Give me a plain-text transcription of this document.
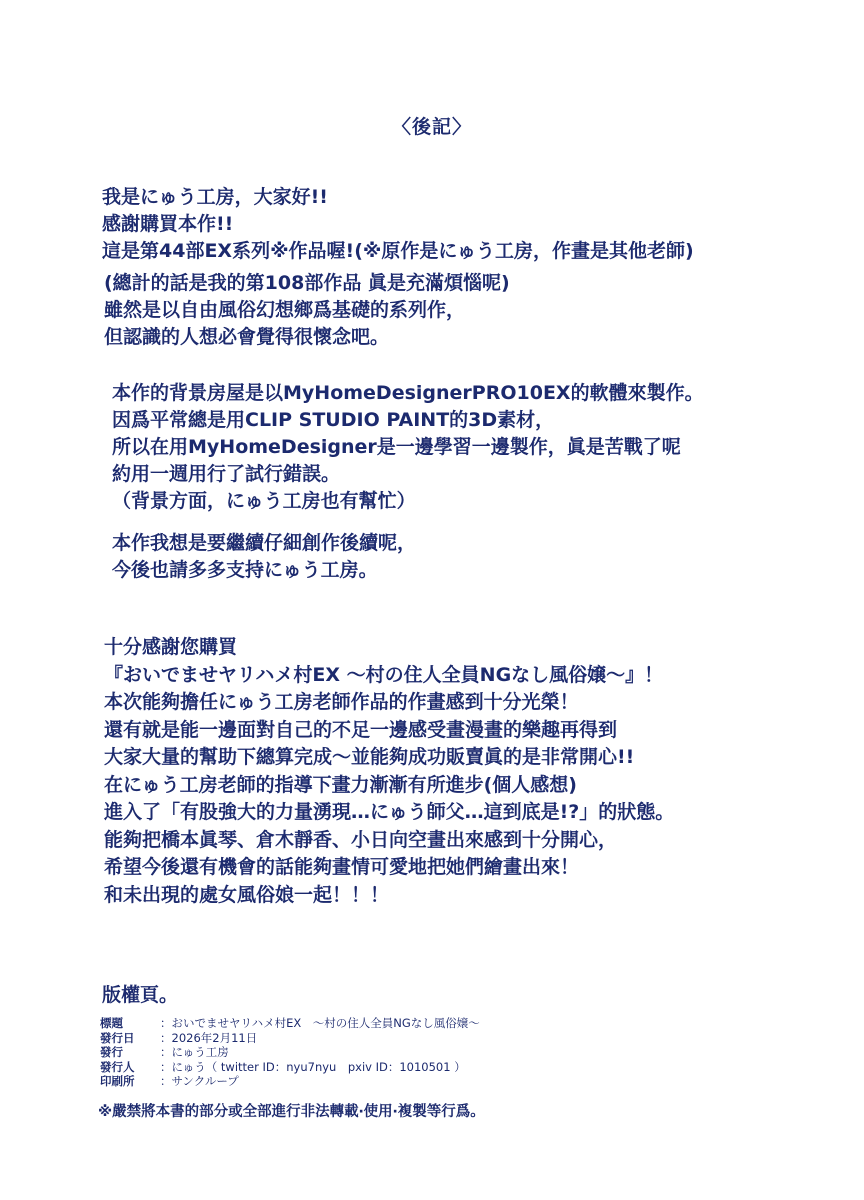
〈後記〉
我是にゅう工房，大家好!!
感謝購買本作!!
這是第44部EX系列※作品喔!(※原作是にゅう工房，作畫是其他老師)
(總計的話是我的第108部作品 眞是充滿煩惱呢)
雖然是以自由風俗幻想鄉爲基礎的系列作，
但認識的人想必會覺得很懷念吧。
本作的背景房屋是以MyHomeDesignerPRO10EX的軟體來製作。
因爲平常總是用CLIP STUDIO PAINT的3D素材，
所以在用MyHomeDesigner是一邊學習一邊製作，眞是苦戰了呢
約用一週用行了試行錯誤。
（背景方面，にゅう工房也有幫忙）
本作我想是要繼續仔細創作後續呢，
今後也請多多支持にゅう工房。
十分感謝您購買
『おいでませヤリハメ村EX ～村の住人全員NGなし風俗嬢～』！
本次能夠擔任にゅう工房老師作品的作畫感到十分光榮！
還有就是能一邊面對自己的不足一邊感受畫漫畫的樂趣再得到
大家大量的幫助下總算完成～並能夠成功販賣眞的是非常開心!!
在にゅう工房老師的指導下畫力漸漸有所進步(個人感想)
進入了「有股強大的力量湧現…にゅう師父…這到底是!?」的狀態。
能夠把橋本眞琴、倉木靜香、小日向空畫出來感到十分開心，
希望今後還有機會的話能夠畫情可愛地把她們繪畫出來！
和未出現的處女風俗娘一起！！！
版權頁。
標題	：おいでませヤリハメ村EX　～村の住人全員NGなし風俗嬢～
發行日	：2026年2月11日
發行	：にゅう工房
發行人	：にゅう（ twitter ID：nyu7nyu　pxiv ID：1010501 ）
印刷所	：サンクループ
※嚴禁將本書的部分或全部進行非法轉載‧使用‧複製等行爲。
